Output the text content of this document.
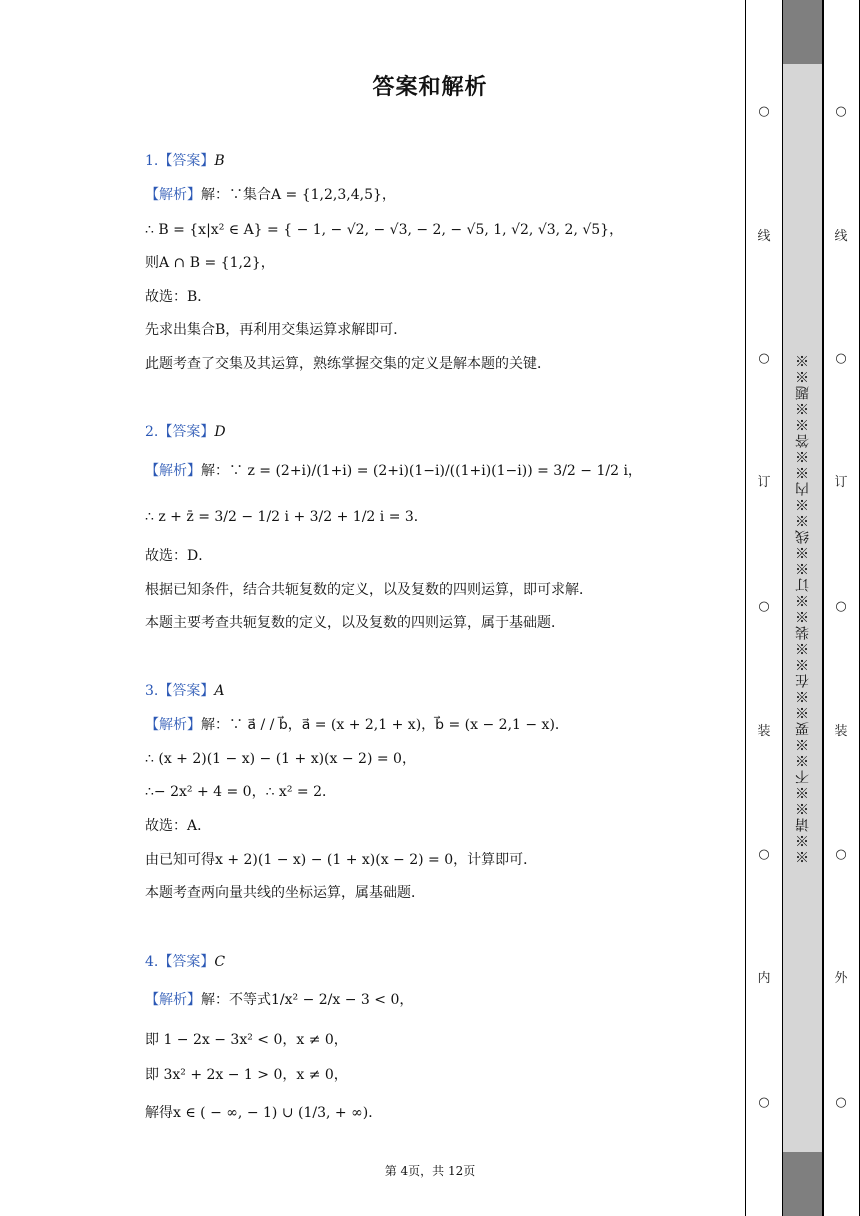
答案和解析
1.【答案】B
【解析】解：∵集合A = {1,2,3,4,5}，
∴ B = {x|x² ∈ A} = { − 1, − √2, − √3, − 2, − √5, 1, √2, √3, 2, √5}，
则A ∩ B = {1,2}，
故选：B．
先求出集合B，再利用交集运算求解即可．
此题考查了交集及其运算，熟练掌握交集的定义是解本题的关键．
2.【答案】D
【解析】解：∵ z = (2+i)/(1+i) = (2+i)(1−i)/((1+i)(1−i)) = 3/2 − 1/2 i，
∴ z + z̄ = 3/2 − 1/2 i + 3/2 + 1/2 i = 3．
故选：D．
根据已知条件，结合共轭复数的定义，以及复数的四则运算，即可求解．
本题主要考查共轭复数的定义，以及复数的四则运算，属于基础题．
3.【答案】A
【解析】解：∵ a⃗ / / b⃗，a⃗ = (x + 2,1 + x)，b⃗ = (x − 2,1 − x)．
∴ (x + 2)(1 − x) − (1 + x)(x − 2) = 0，
∴− 2x² + 4 = 0，∴ x² = 2．
故选：A．
由已知可得x + 2)(1 − x) − (1 + x)(x − 2) = 0，计算即可．
本题考查两向量共线的坐标运算，属基础题．
4.【答案】C
【解析】解：不等式1/x² − 2/x − 3 < 0，
即 1 − 2x − 3x² < 0，x ≠ 0，
即 3x² + 2x − 1 > 0，x ≠ 0，
解得x ∈ ( − ∞, − 1) ∪ (1/3, + ∞)．
第 4页，共 12页
○
线
○
订
○
装
○
内
○
※※请※※不※※要※※在※※装※※订※※线※※内※※答※※题※※
○
线
○
订
○
装
○
外
○
